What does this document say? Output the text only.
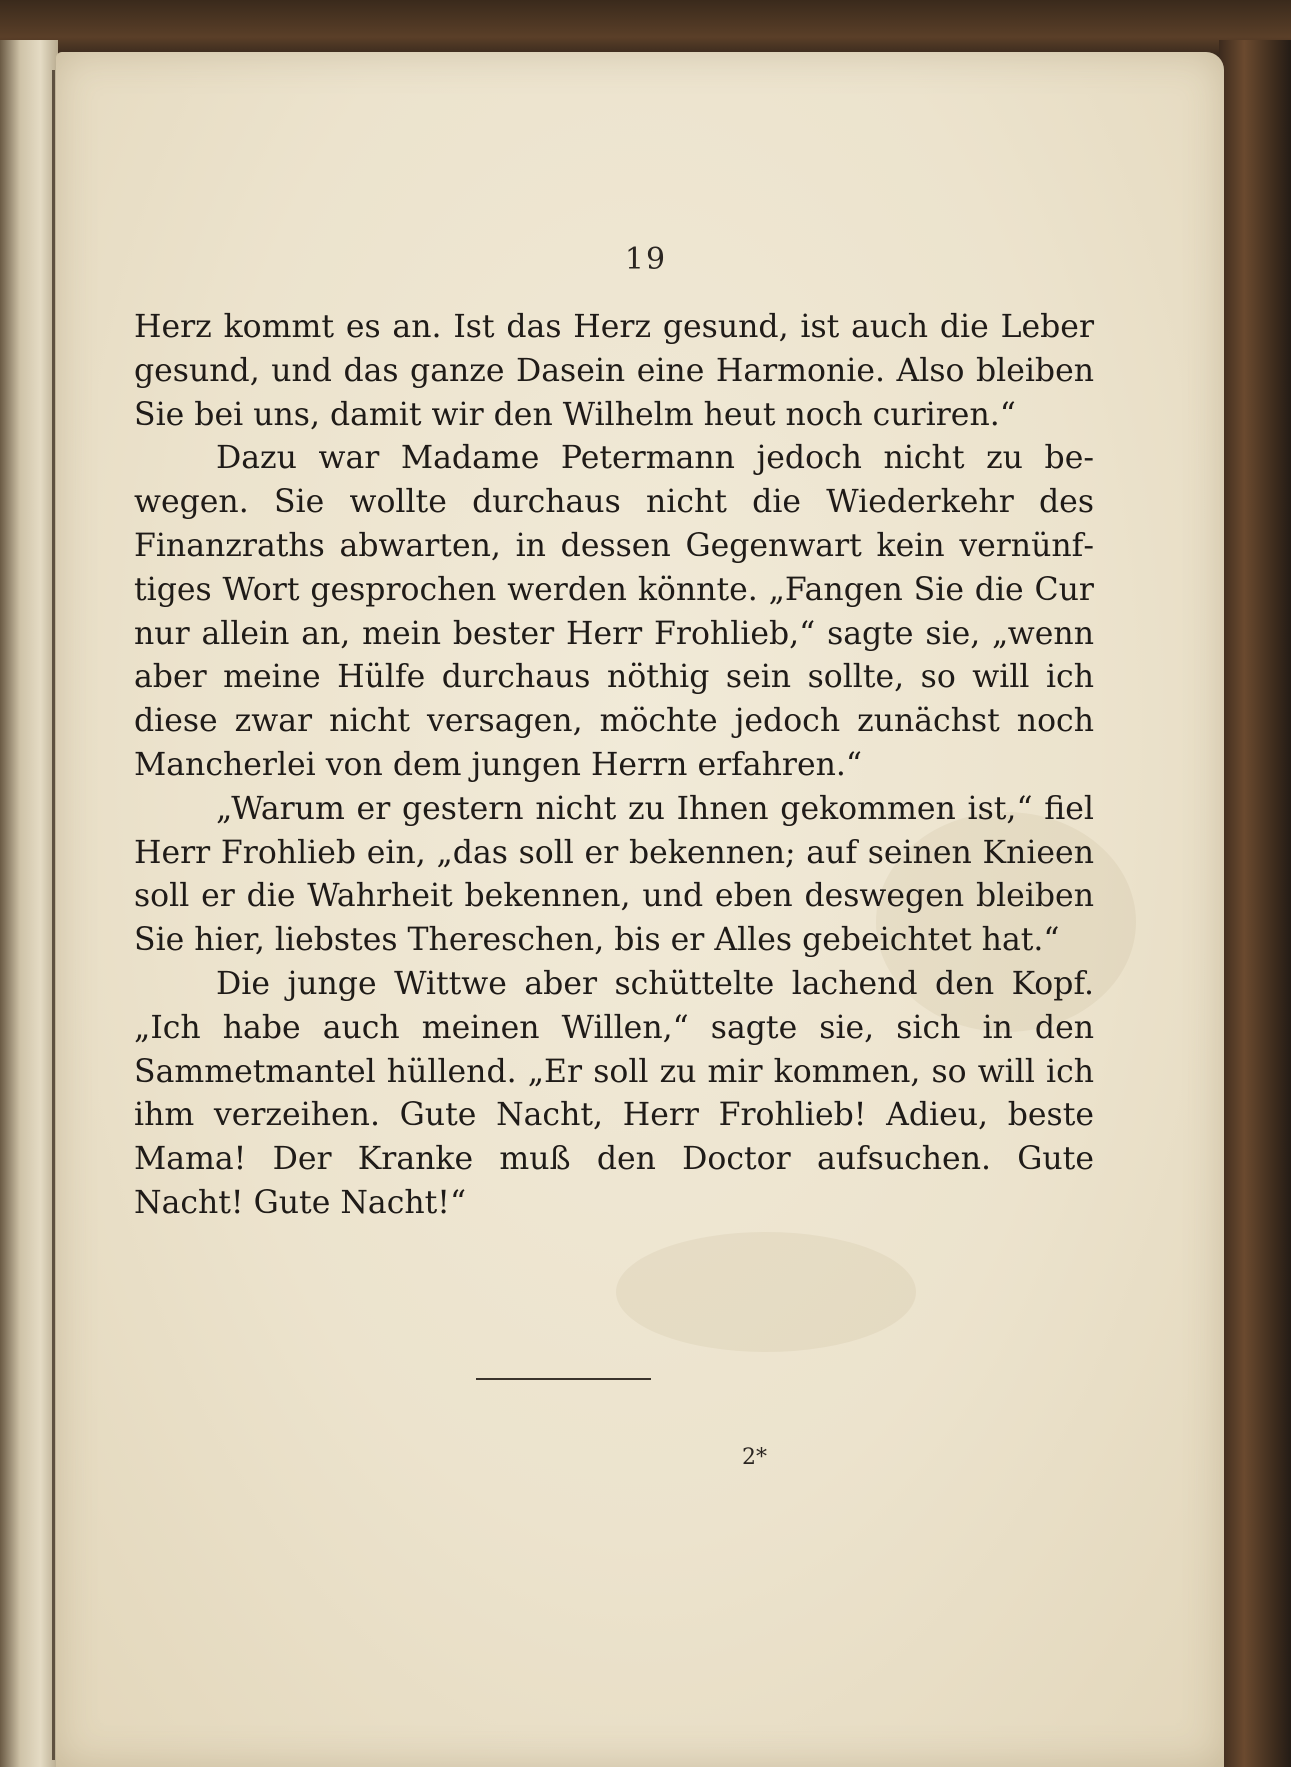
19

Herz kommt es an. Ist das Herz gesund, ist auch die Leber gesund, und das ganze Dasein eine Harmonie. Also bleiben Sie bei uns, damit wir den Wilhelm heut noch curiren.“

Dazu war Madame Petermann jedoch nicht zu bewegen. Sie wollte durchaus nicht die Wiederkehr des Finanzraths abwarten, in dessen Gegenwart kein vernünftiges Wort gesprochen werden könnte. „Fangen Sie die Cur nur allein an, mein bester Herr Frohlieb,“ sagte sie, „wenn aber meine Hülfe durchaus nöthig sein sollte, so will ich diese zwar nicht versagen, möchte jedoch zunächst noch Mancherlei von dem jungen Herrn erfahren.“

„Warum er gestern nicht zu Ihnen gekommen ist,“ fiel Herr Frohlieb ein, „das soll er bekennen; auf seinen Knieen soll er die Wahrheit bekennen, und eben deswegen bleiben Sie hier, liebstes Thereschen, bis er Alles gebeichtet hat.“

Die junge Wittwe aber schüttelte lachend den Kopf. „Ich habe auch meinen Willen,“ sagte sie, sich in den Sammetmantel hüllend. „Er soll zu mir kommen, so will ich ihm verzeihen. Gute Nacht, Herr Frohlieb! Adieu, beste Mama! Der Kranke muß den Doctor aufsuchen. Gute Nacht! Gute Nacht!“

2*
